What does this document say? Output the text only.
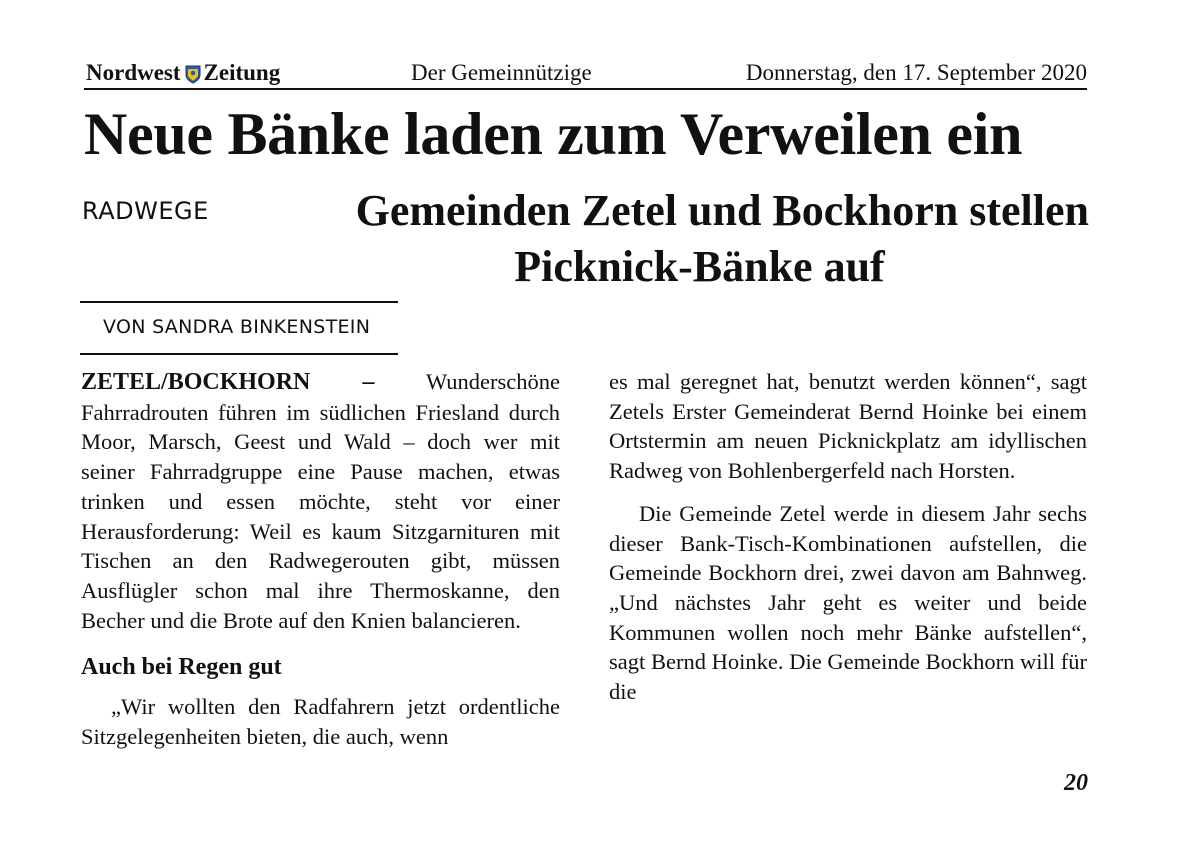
Nordwest Zeitung	Der Gemeinnützige	Donnerstag, den 17. September 2020
Neue Bänke laden zum Verweilen ein
RADWEGE	Gemeinden Zetel und Bockhorn stellen
Picknick-Bänke auf
VON SANDRA BINKENSTEIN

ZETEL/BOCKHORN – Wunderschöne Fahrradrouten führen im südlichen Friesland durch Moor, Marsch, Geest und Wald – doch wer mit seiner Fahrradgruppe eine Pause machen, etwas trinken und essen möchte, steht vor einer Herausforderung: Weil es kaum Sitzgarnituren mit Tischen an den Radwegerouten gibt, müssen Ausflügler schon mal ihre Thermoskanne, den Becher und die Brote auf den Knien balancieren.

Auch bei Regen gut

„Wir wollten den Radfahrern jetzt ordentliche Sitzgelegenheiten bieten, die auch, wenn

es mal geregnet hat, benutzt werden können“, sagt Zetels Erster Gemeinderat Bernd Hoinke bei einem Ortstermin am neuen Picknickplatz am idyllischen Radweg von Bohlenbergerfeld nach Horsten.

Die Gemeinde Zetel werde in diesem Jahr sechs dieser Bank-Tisch-Kombinationen aufstellen, die Gemeinde Bockhorn drei, zwei davon am Bahnweg. „Und nächstes Jahr geht es weiter und beide Kommunen wollen noch mehr Bänke aufstellen“, sagt Bernd Hoinke. Die Gemeinde Bockhorn will für die

20
